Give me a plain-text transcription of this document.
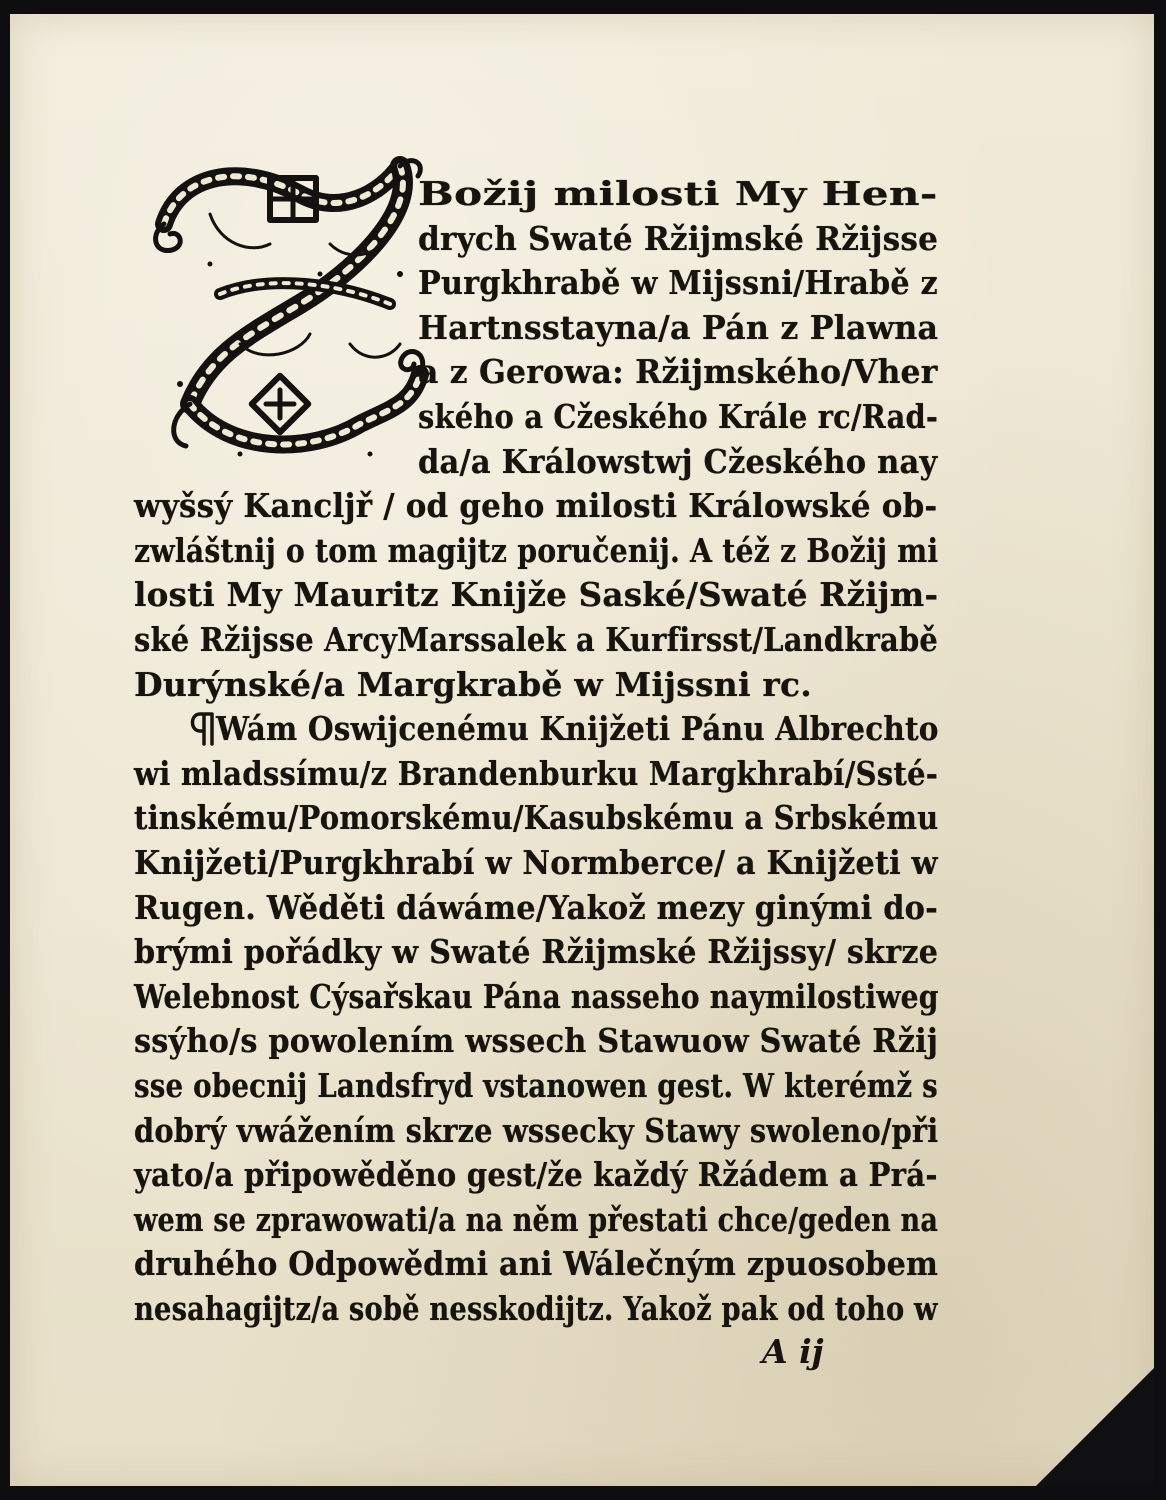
Božij milosti My Hen-

drych Swaté Ržijmské Ržijsse

Purgkhrabě w Mijssni/Hrabě z

Hartnsstayna/a Pán z Plawna

a z Gerowa: Ržijmského/Vher

ského a Cžeského Krále rc/Rad-

da/a Králowstwj Cžeského nay

wyšsý Kancljř / od geho milosti Králowské ob-

zwláštnij o tom magijtz poručenij. A též z Božij mi

losti My Mauritz Knijže Saské/Swaté Ržijm-

ské Ržijsse ArcyMarssalek a Kurfirsst/Landkrabě

Durýnské/a Margkrabě w Mijssni rc.

Wám Oswijcenému Knijžeti Pánu Albrechto

wi mladssímu/z Brandenburku Margkhrabí/Ssté-

tinskému/Pomorskému/Kasubskému a Srbskému

Knijžeti/Purgkhrabí w Normberce/ a Knijžeti w

Rugen. Wěděti dáwáme/Yakož mezy ginými do-

brými pořádky w Swaté Ržijmské Ržijssy/ skrze

Welebnost Cýsařskau Pána nasseho naymilostiweg

ssýho/s powolením wssech Stawuow Swaté Ržij

sse obecnij Landsfryd vstanowen gest. W kterémž s

dobrý vwážením skrze wssecky Stawy swoleno/při

yato/a připowěděno gest/že každý Ržádem a Prá-

wem se zprawowati/a na něm přestati chce/geden na

druhého Odpowědmi ani Wálečným zpuosobem

nesahagijtz/a sobě nesskodijtz. Yakož pak od toho w

A ij
